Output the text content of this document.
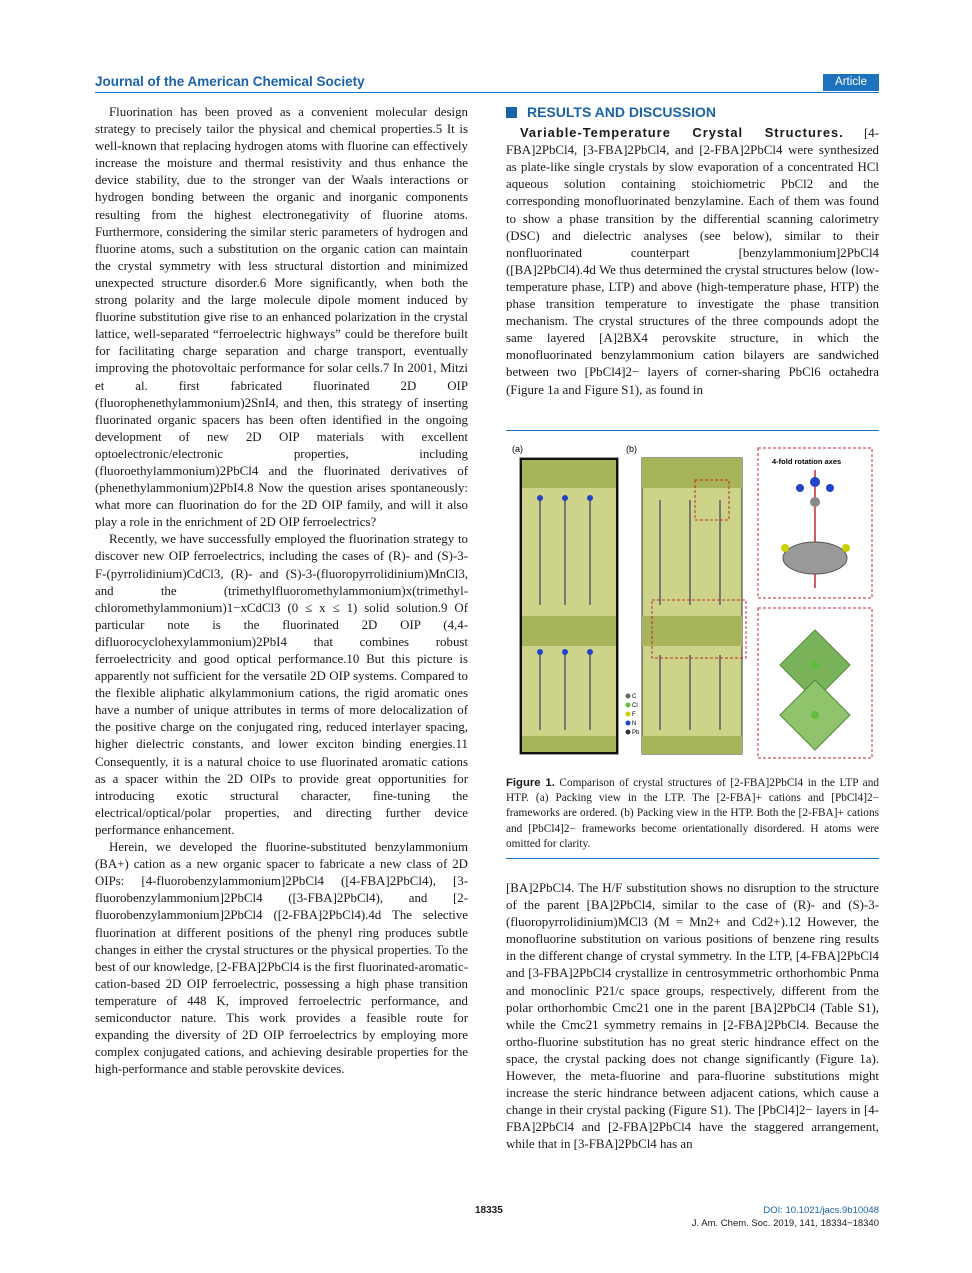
Journal of the American Chemical Society	Article

Fluorination has been proved as a convenient molecular design strategy to precisely tailor the physical and chemical properties.5 It is well-known that replacing hydrogen atoms with fluorine can effectively increase the moisture and thermal resistivity and thus enhance the device stability, due to the stronger van der Waals interactions or hydrogen bonding between the organic and inorganic components resulting from the highest electronegativity of fluorine atoms. Furthermore, considering the similar steric parameters of hydrogen and fluorine atoms, such a substitution on the organic cation can maintain the crystal symmetry with less structural distortion and minimized unexpected structure disorder.6 More significantly, when both the strong polarity and the large molecule dipole moment induced by fluorine substitution give rise to an enhanced polarization in the crystal lattice, well-separated “ferroelectric highways” could be therefore built for facilitating charge separation and charge transport, eventually improving the photovoltaic performance for solar cells.7 In 2001, Mitzi et al. first fabricated fluorinated 2D OIP (fluorophenethylammonium)2SnI4, and then, this strategy of inserting fluorinated organic spacers has been often identified in the ongoing development of new 2D OIP materials with excellent optoelectronic/electronic properties, including (fluoroethylammonium)2PbCl4 and the fluorinated derivatives of (phenethylammonium)2PbI4.8 Now the question arises spontaneously: what more can fluorination do for the 2D OIP family, and will it also play a role in the enrichment of 2D OIP ferroelectrics?

Recently, we have successfully employed the fluorination strategy to discover new OIP ferroelectrics, including the cases of (R)- and (S)-3-F-(pyrrolidinium)CdCl3, (R)- and (S)-3-(fluoropyrrolidinium)MnCl3, and the (trimethylfluoromethylammonium)x(trimethyl- chloromethylammonium)1−xCdCl3 (0 ≤ x ≤ 1) solid solution.9 Of particular note is the fluorinated 2D OIP (4,4-difluorocyclohexylammonium)2PbI4 that combines robust ferroelectricity and good optical performance.10 But this picture is apparently not sufficient for the versatile 2D OIP systems. Compared to the flexible aliphatic alkylammonium cations, the rigid aromatic ones have a number of unique attributes in terms of more delocalization of the positive charge on the conjugated ring, reduced interlayer spacing, higher dielectric constants, and lower exciton binding energies.11 Consequently, it is a natural choice to use fluorinated aromatic cations as a spacer within the 2D OIPs to provide great opportunities for introducing exotic structural character, fine-tuning the electrical/optical/polar properties, and directing further device performance enhancement.

Herein, we developed the fluorine-substituted benzylammonium (BA+) cation as a new organic spacer to fabricate a new class of 2D OIPs: [4-fluorobenzylammonium]2PbCl4 ([4-FBA]2PbCl4), [3-fluorobenzylammonium]2PbCl4 ([3-FBA]2PbCl4), and [2-fluorobenzylammonium]2PbCl4 ([2-FBA]2PbCl4).4d The selective fluorination at different positions of the phenyl ring produces subtle changes in either the crystal structures or the physical properties. To the best of our knowledge, [2-FBA]2PbCl4 is the first fluorinated-aromatic-cation-based 2D OIP ferroelectric, possessing a high phase transition temperature of 448 K, improved ferroelectric performance, and semiconductor nature. This work provides a feasible route for expanding the diversity of 2D OIP ferroelectrics by employing more complex conjugated cations, and achieving desirable properties for the high-performance and stable perovskite devices.

RESULTS AND DISCUSSION

Variable-Temperature Crystal Structures. [4-FBA]2PbCl4, [3-FBA]2PbCl4, and [2-FBA]2PbCl4 were synthesized as plate-like single crystals by slow evaporation of a concentrated HCl aqueous solution containing stoichiometric PbCl2 and the corresponding monofluorinated benzylamine. Each of them was found to show a phase transition by the differential scanning calorimetry (DSC) and dielectric analyses (see below), similar to their nonfluorinated counterpart [benzylammonium]2PbCl4 ([BA]2PbCl4).4d We thus determined the crystal structures below (low-temperature phase, LTP) and above (high-temperature phase, HTP) the phase transition temperature to investigate the phase transition mechanism. The crystal structures of the three compounds adopt the same layered [A]2BX4 perovskite structure, in which the monofluorinated benzylammonium cation bilayers are sandwiched between two [PbCl4]2− layers of corner-sharing PbCl6 octahedra (Figure 1a and Figure S1), as found in

(a)	(b)
C
Cl
F
N
Pb
4-fold rotation axes
Figure 1. Comparison of crystal structures of [2-FBA]2PbCl4 in the LTP and HTP. (a) Packing view in the LTP. The [2-FBA]+ cations and [PbCl4]2− frameworks are ordered. (b) Packing view in the HTP. Both the [2-FBA]+ cations and [PbCl4]2− frameworks become orientationally disordered. H atoms were omitted for clarity.

[BA]2PbCl4. The H/F substitution shows no disruption to the structure of the parent [BA]2PbCl4, similar to the case of (R)- and (S)-3-(fluoropyrrolidinium)MCl3 (M = Mn2+ and Cd2+).12 However, the monofluorine substitution on various positions of benzene ring results in the different change of crystal symmetry. In the LTP, [4-FBA]2PbCl4 and [3-FBA]2PbCl4 crystallize in centrosymmetric orthorhombic Pnma and monoclinic P21/c space groups, respectively, different from the polar orthorhombic Cmc21 one in the parent [BA]2PbCl4 (Table S1), while the Cmc21 symmetry remains in [2-FBA]2PbCl4. Because the ortho-fluorine substitution has no great steric hindrance effect on the space, the crystal packing does not change significantly (Figure 1a). However, the meta-fluorine and para-fluorine substitutions might increase the steric hindrance between adjacent cations, which cause a change in their crystal packing (Figure S1). The [PbCl4]2− layers in [4-FBA]2PbCl4 and [2-FBA]2PbCl4 have the staggered arrangement, while that in [3-FBA]2PbCl4 has an

18335	DOI: 10.1021/jacs.9b10048
J. Am. Chem. Soc. 2019, 141, 18334−18340
